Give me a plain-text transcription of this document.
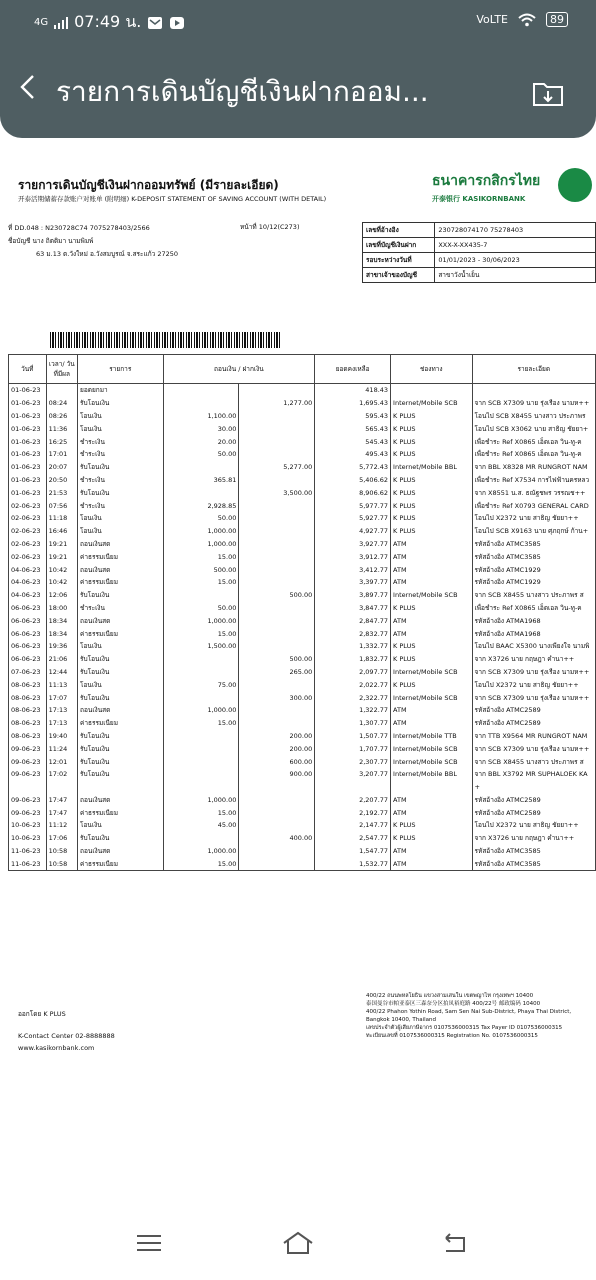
4G 07:49 น.	VoLTE	89
รายการเดินบัญชีเงินฝากออม...
รายการเดินบัญชีเงินฝากออมทรัพย์ (มีรายละเอียด)
开泰活期储蓄存款账户对账单 (附明细) K-DEPOSIT STATEMENT OF SAVING ACCOUNT (WITH DETAIL)
ธนาคารกสิกรไทย
开泰银行 KASIKORNBANK
ที่ DD.048 : N230728C74 7075278403/2566
ชื่อบัญชี นาง ถิตติมา นามพิมพ์
63 ม.13 ต.วังใหม่ อ.วังสมบูรณ์ จ.สระแก้ว 27250
หน้าที่ 10/12(C273)	เลขที่อ้างอิง	230728074170 75278403
เลขที่บัญชีเงินฝาก	XXX-X-XX435-7
รอบระหว่างวันที่	01/01/2023 - 30/06/2023
สาขาเจ้าของบัญชี	สาขาวังน้ำเย็น
วันที่	เวลา/ วันที่มีผล	รายการ	ถอนเงิน / ฝากเงิน		ยอดคงเหลือ	ช่องทาง	รายละเอียด
01-06-23		ยอดยกมา			418.43		
01-06-23	08:24	รับโอนเงิน		1,277.00	1,695.43	Internet/Mobile SCB	จาก SCB X7309 นาย รุ่งเรือง นามห++
01-06-23	08:26	โอนเงิน	1,100.00		595.43	K PLUS	โอนไป SCB X8455 นางสาว ประภาพร
01-06-23	11:36	โอนเงิน	30.00		565.43	K PLUS	โอนไป SCB X3062 นาย สาธิญ ชัยยา+
01-06-23	16:25	ชำระเงิน	20.00		545.43	K PLUS	เพื่อชำระ Ref X0865 เอ็ดเอล วิน-ทู-ค
01-06-23	17:01	ชำระเงิน	50.00		495.43	K PLUS	เพื่อชำระ Ref X0865 เอ็ดเอล วิน-ทู-ค
01-06-23	20:07	รับโอนเงิน		5,277.00	5,772.43	Internet/Mobile BBL	จาก BBL X8328 MR RUNGROT NAM
01-06-23	20:50	ชำระเงิน	365.81		5,406.62	K PLUS	เพื่อชำระ Ref X7534 การไฟฟ้านครหลว
01-06-23	21:53	รับโอนเงิน		3,500.00	8,906.62	K PLUS	จาก X8551 น.ส. ธณัฐชพร วรรณช++
02-06-23	07:56	ชำระเงิน	2,928.85		5,977.77	K PLUS	เพื่อชำระ Ref X0793 GENERAL CARD
02-06-23	11:18	โอนเงิน	50.00		5,927.77	K PLUS	โอนไป X2372 นาย สาธิญ ชัยยา++
02-06-23	16:46	โอนเงิน	1,000.00		4,927.77	K PLUS	โอนไป SCB X9163 นาย ศุภฤกษ์ ก้าน+
02-06-23	19:21	ถอนเงินสด	1,000.00		3,927.77	ATM	รหัสอ้างอิง ATMC3585
02-06-23	19:21	ค่าธรรมเนียม	15.00		3,912.77	ATM	รหัสอ้างอิง ATMC3585
04-06-23	10:42	ถอนเงินสด	500.00		3,412.77	ATM	รหัสอ้างอิง ATMC1929
04-06-23	10:42	ค่าธรรมเนียม	15.00		3,397.77	ATM	รหัสอ้างอิง ATMC1929
04-06-23	12:06	รับโอนเงิน		500.00	3,897.77	Internet/Mobile SCB	จาก SCB X8455 นางสาว ประภาพร ส
06-06-23	18:00	ชำระเงิน	50.00		3,847.77	K PLUS	เพื่อชำระ Ref X0865 เอ็ดเอล วิน-ทู-ค
06-06-23	18:34	ถอนเงินสด	1,000.00		2,847.77	ATM	รหัสอ้างอิง ATMA1968
06-06-23	18:34	ค่าธรรมเนียม	15.00		2,832.77	ATM	รหัสอ้างอิง ATMA1968
06-06-23	19:36	โอนเงิน	1,500.00		1,332.77	K PLUS	โอนไป BAAC X5300 นางเพียงใจ นามพิ
06-06-23	21:06	รับโอนเงิน		500.00	1,832.77	K PLUS	จาก X3726 นาย กฤษฎา คำนา++
07-06-23	12:44	รับโอนเงิน		265.00	2,097.77	Internet/Mobile SCB	จาก SCB X7309 นาย รุ่งเรือง นามห++
08-06-23	11:13	โอนเงิน	75.00		2,022.77	K PLUS	โอนไป X2372 นาย สาธิญ ชัยยา++
08-06-23	17:07	รับโอนเงิน		300.00	2,322.77	Internet/Mobile SCB	จาก SCB X7309 นาย รุ่งเรือง นามห++
08-06-23	17:13	ถอนเงินสด	1,000.00		1,322.77	ATM	รหัสอ้างอิง ATMC2589
08-06-23	17:13	ค่าธรรมเนียม	15.00		1,307.77	ATM	รหัสอ้างอิง ATMC2589
08-06-23	19:40	รับโอนเงิน		200.00	1,507.77	Internet/Mobile TTB	จาก TTB X9564 MR RUNGROT NAM
09-06-23	11:24	รับโอนเงิน		200.00	1,707.77	Internet/Mobile SCB	จาก SCB X7309 นาย รุ่งเรือง นามห++
09-06-23	12:01	รับโอนเงิน		600.00	2,307.77	Internet/Mobile SCB	จาก SCB X8455 นางสาว ประภาพร ส
09-06-23	17:02	รับโอนเงิน		900.00	3,207.77	Internet/Mobile BBL	จาก BBL X3792 MR SUPHALOEK KA
							+
09-06-23	17:47	ถอนเงินสด	1,000.00		2,207.77	ATM	รหัสอ้างอิง ATMC2589
09-06-23	17:47	ค่าธรรมเนียม	15.00		2,192.77	ATM	รหัสอ้างอิง ATMC2589
10-06-23	11:12	โอนเงิน	45.00		2,147.77	K PLUS	โอนไป X2372 นาย สาธิญ ชัยยา++
10-06-23	17:06	รับโอนเงิน		400.00	2,547.77	K PLUS	จาก X3726 นาย กฤษฎา คำนา++
11-06-23	10:58	ถอนเงินสด	1,000.00		1,547.77	ATM	รหัสอ้างอิง ATMC3585
11-06-23	10:58	ค่าธรรมเนียม	15.00		1,532.77	ATM	รหัสอ้างอิง ATMC3585
ออกโดย K PLUS
K-Contact Center 02-8888888
www.kasikornbank.com
400/22 ถนนพหลโยธิน แขวงสามเสนใน เขตพญาไท กรุงเทพฯ 10400
泰国曼谷市帕亚泰区三森奈分区拍凤裕庭路 400/22号 邮政编码 10400
400/22 Phahon Yothin Road, Sam Sen Nai Sub-District, Phaya Thai District, Bangkok 10400, Thailand
เลขประจำตัวผู้เสียภาษีอากร 0107536000315 Tax Payer ID 0107536000315
ทะเบียนเลขที่ 0107536000315 Registration No. 0107536000315
